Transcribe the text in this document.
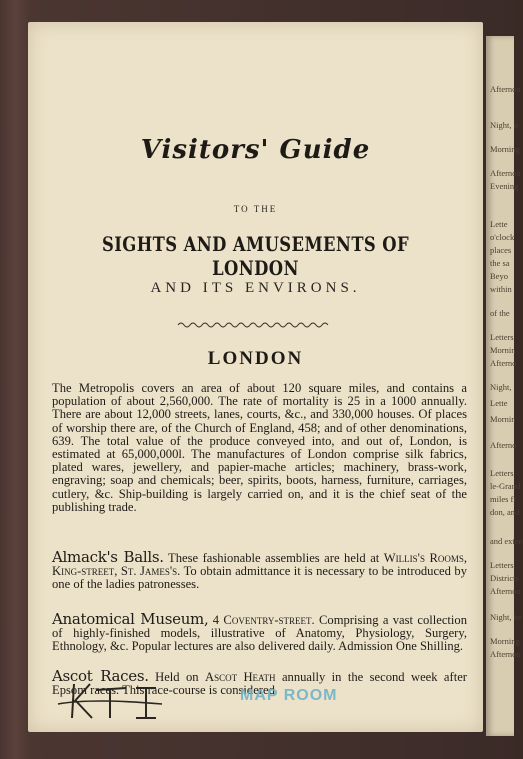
Afternoo
Night, b
Morning
Afternoo
Evening
Lette
o'clock
places
the sa
Beyo
within
of the
Letters
Mornin
Afterno
Night,
Lette
Mornin
Afterno
Letters
le-Grand
miles fr
don, and
and exten
Letters,
Districts
Afternoo
Night, be
Morning
Afternoo
Visitors' Guide
TO THE
SIGHTS AND AMUSEMENTS OF LONDON
AND ITS ENVIRONS.
LONDON
The Metropolis covers an area of about 120 square miles, and contains a population of about 2,560,000. The rate of mortality is 25 in a 1000 annually. There are about 12,000 streets, lanes, courts, &c., and 330,000 houses. Of places of worship there are, of the Church of England, 458; and of other denominations, 639. The total value of the produce conveyed into, and out of, London, is estimated at 65,000,000l. The manufactures of London comprise silk fabrics, plated wares, jewellery, and papier-mache articles; machinery, brass-work, engraving; soap and chemicals; beer, spirits, boots, harness, furniture, carriages, cutlery, &c. Ship-building is largely carried on, and it is the chief seat of the publishing trade.
Almack's Balls. These fashionable assemblies are held at Willis's Rooms, King-street, St. James's. To obtain admittance it is necessary to be introduced by one of the ladies patronesses.
Anatomical Museum, 4 Coventry-street. Comprising a vast collection of highly-finished models, illustrative of Anatomy, Physiology, Surgery, Ethnology, &c. Popular lectures are also delivered daily. Admission One Shilling.
Ascot Races. Held on Ascot Heath annually in the second week after Epsom races. This race-course is considered
MAP ROOM
